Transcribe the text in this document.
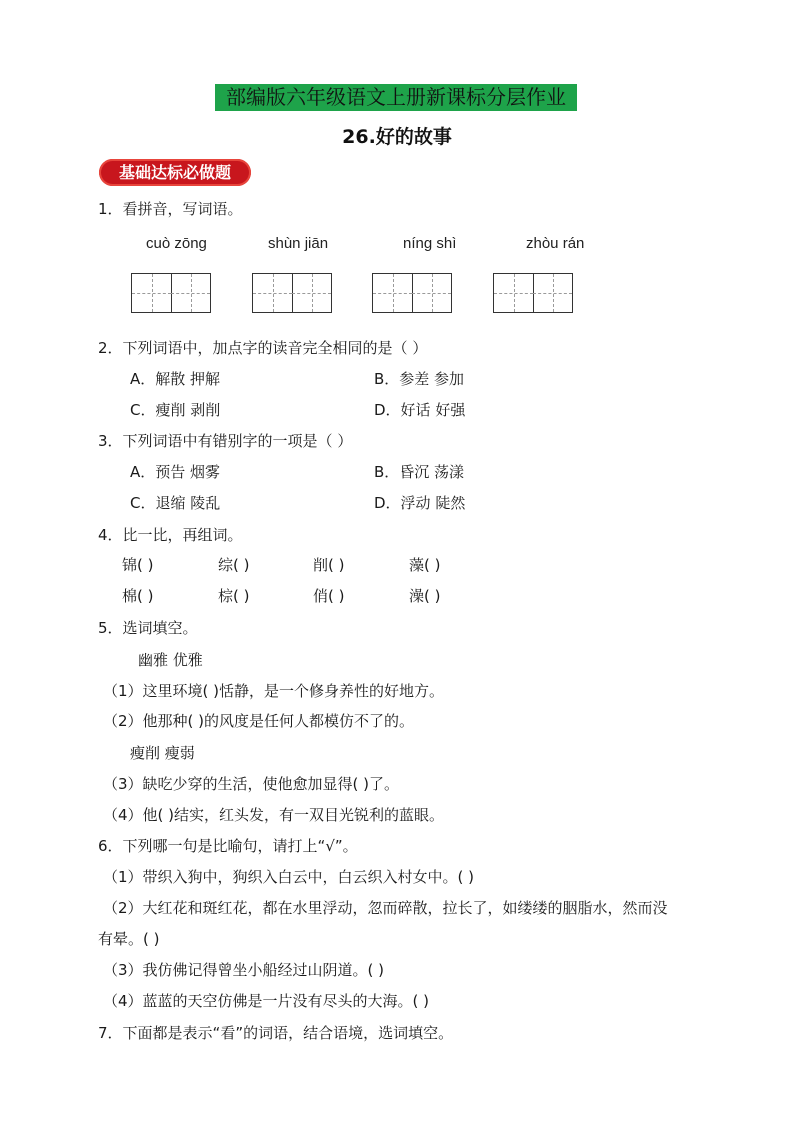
部编版六年级语文上册新课标分层作业
26.好的故事
基础达标必做题
1．看拼音，写词语。
cuò zōng	shùn jiān	níng shì	zhòu rán
2．下列词语中，加点字的读音完全相同的是（ ）
A．解散 押解	B．参差 参加
C．瘦削 剥削	D．好话 好强
3．下列词语中有错别字的一项是（ ）
A．预告 烟雾	B．昏沉 荡漾
C．退缩 陵乱	D．浮动 陡然
4．比一比，再组词。
锦( )	综( )	削( )	藻( )
棉( )	棕( )	俏( )	澡( )
5．选词填空。
幽雅 优雅
（1）这里环境( )恬静，是一个修身养性的好地方。
（2）他那种( )的风度是任何人都模仿不了的。
瘦削 瘦弱
（3）缺吃少穿的生活，使他愈加显得( )了。
（4）他( )结实，红头发，有一双目光锐利的蓝眼。
6．下列哪一句是比喻句，请打上“√”。
（1）带织入狗中，狗织入白云中，白云织入村女中。( )
（2）大红花和斑红花，都在水里浮动，忽而碎散，拉长了，如缕缕的胭脂水，然而没
有晕。( )
（3）我仿佛记得曾坐小船经过山阴道。( )
（4）蓝蓝的天空仿佛是一片没有尽头的大海。( )
7．下面都是表示“看”的词语，结合语境，选词填空。
